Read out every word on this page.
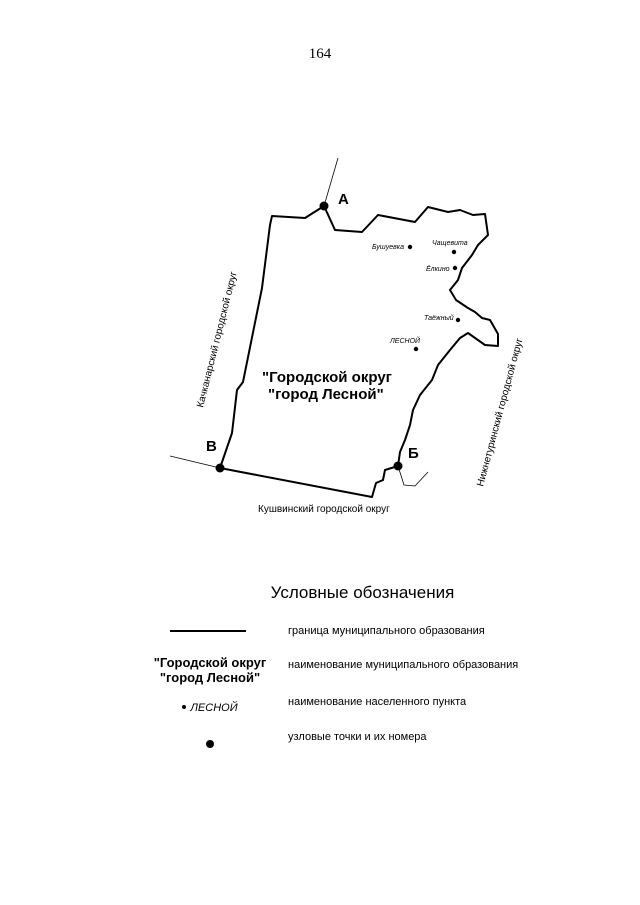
164
А
Б
В
Бушуевка
Чащевита
Ёлкино
Таёжный
ЛЕСНОЙ
"Городской округ
"город Лесной"
Качканарский городской округ	Нижнетуринский городской округ
Кушвинский городской округ
Условные обозначения
граница муниципального образования
"Городской округ
"город Лесной"
наименование муниципального образования
ЛЕСНОЙ	наименование населенного пункта
узловые точки и их номера
